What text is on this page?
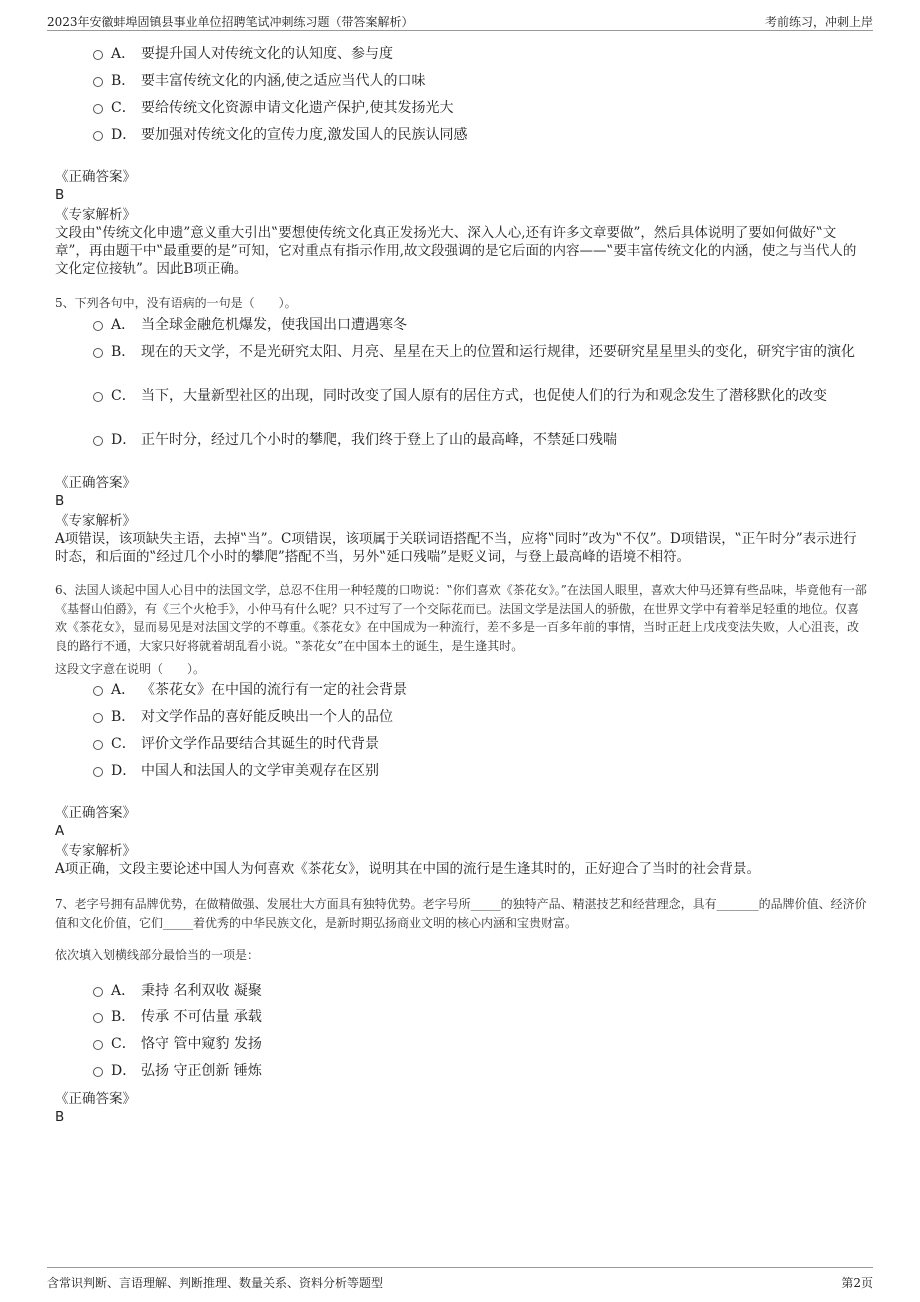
2023年安徽蚌埠固镇县事业单位招聘笔试冲刺练习题（带答案解析）	考前练习，冲刺上岸
A． 要提升国人对传统文化的认知度、参与度
B． 要丰富传统文化的内涵,使之适应当代人的口味
C． 要给传统文化资源申请文化遗产保护,使其发扬光大
D． 要加强对传统文化的宣传力度,激发国人的民族认同感
《正确答案》
B
《专家解析》
文段由‟传统文化申遗”意义重大引出‟要想使传统文化真正发扬光大、深入人心,还有许多文章要做”，然后具体说明了要如何做好‟文章”，再由题干中‟最重要的是”可知，它对重点有指示作用,故文段强调的是它后面的内容——‟要丰富传统文化的内涵，使之与当代人的文化定位接轨”。因此B项正确。
5、下列各句中，没有语病的一句是（　　）。
A． 当全球金融危机爆发，使我国出口遭遇寒冬
B． 现在的天文学，不是光研究太阳、月亮、星星在天上的位置和运行规律，还要研究星星里头的变化，研究宇宙的演化
C． 当下，大量新型社区的出现，同时改变了国人原有的居住方式，也促使人们的行为和观念发生了潜移默化的改变
D． 正午时分，经过几个小时的攀爬，我们终于登上了山的最高峰，不禁延口残喘
《正确答案》
B
《专家解析》
A项错误，该项缺失主语，去掉‟当”。C项错误，该项属于关联词语搭配不当，应将‟同时”改为‟不仅”。D项错误，‟正午时分”表示进行时态，和后面的‟经过几个小时的攀爬”搭配不当，另外‟延口残喘”是贬义词，与登上最高峰的语境不相符。
6、法国人谈起中国人心目中的法国文学，总忍不住用一种轻蔑的口吻说：‟你们喜欢《茶花女》。”在法国人眼里，喜欢大仲马还算有些品味，毕竟他有一部《基督山伯爵》，有《三个火枪手》，小仲马有什么呢？只不过写了一个交际花而已。法国文学是法国人的骄傲，在世界文学中有着举足轻重的地位。仅喜欢《茶花女》，显而易见是对法国文学的不尊重。《茶花女》在中国成为一种流行，差不多是一百多年前的事情，当时正赶上戊戌变法失败，人心沮丧，改良的路行不通，大家只好将就着胡乱看小说。‟茶花女”在中国本土的诞生，是生逢其时。
这段文字意在说明（　　）。
A． 《茶花女》在中国的流行有一定的社会背景
B． 对文学作品的喜好能反映出一个人的品位
C． 评价文学作品要结合其诞生的时代背景
D． 中国人和法国人的文学审美观存在区别
《正确答案》
A
《专家解析》
A项正确，文段主要论述中国人为何喜欢《茶花女》，说明其在中国的流行是生逢其时的，正好迎合了当时的社会背景。
7、老字号拥有品牌优势，在做精做强、发展壮大方面具有独特优势。老字号所_____的独特产品、精湛技艺和经营理念，具有_______的品牌价值、经济价值和文化价值，它们_____着优秀的中华民族文化，是新时期弘扬商业文明的核心内涵和宝贵财富。
依次填入划横线部分最恰当的一项是：
A． 秉持 名利双收 凝聚
B． 传承 不可估量 承载
C． 恪守 管中窥豹 发扬
D． 弘扬 守正创新 锤炼
《正确答案》
B
含常识判断、言语理解、判断推理、数量关系、资料分析等题型	第2页
